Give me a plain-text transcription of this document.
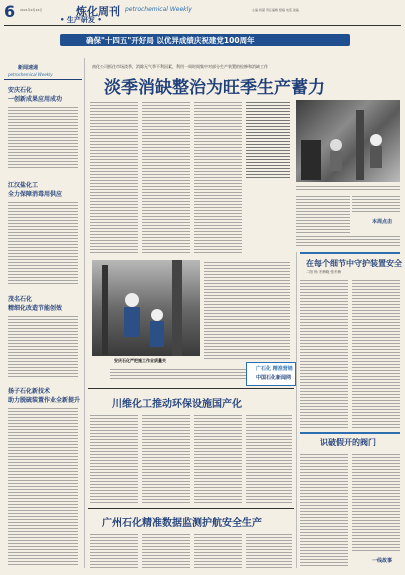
6 2021年9月16日	炼化周刊
• 生产研发 •
petrochemical Weekly	主编 杨富 责任编辑 组稿 电话 美编
确保"十四五"开好局 以优异成绩庆祝建党100周年
新闻速递
petrochemical Weekly
安庆石化
一创新成果应用成功
江汉盐化工
全力保障消毒用供应
茂名石化
精细化改造节能创效
扬子石化新技术
助力脱硫装置作业全新提升
南化公司抓住市场淡季，消除无气季不利因素，利用一周时间集中对部分生产装置的检修和消缺工作
淡季消缺整治为旺季生产蓄力
本周点击
安庆石化严把施工作业质量关
广石化 精准营销
中国石化新闻网
川维化工推动环保设施国产化
广州石化精准数据监测护航安全生产
在每个细节中守护装置安全
二阳 杨 冬梅晓 张冬梅
识破假开的阀门
一线故事
